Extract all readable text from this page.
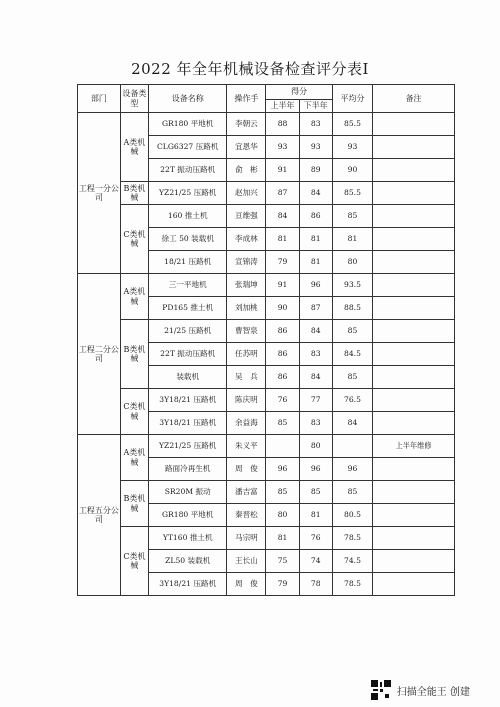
2022 年全年机械设备检查评分表Ⅰ
部门	设备类型	设备名称	操作手	得分		平均分	备注
				上半年	下半年		
工程一分公司	A类机械	GR180 平地机	李朝云	88	83	85.5	
		CLG6327 压路机	宜恩华	93	93	93	
		22T 振动压路机	俞　彬	91	89	90	
	B类机械	YZ21/25 压路机	赵加兴	87	84	85.5	
	C类机械	160 推土机	亘维强	84	86	85	
		徐工 50 装载机	李成林	81	81	81	
		18/21 压路机	宣锦涛	79	81	80	
工程二分公司	A类机械	三一平地机	张瑞坤	91	96	93.5	
		PD165 推土机	刘加桃	90	87	88.5	
	B类机械	21/25 压路机	曹智泉	86	84	85	
		22T 振动压路机	任苏明	86	83	84.5	
		装载机	吴　兵	86	84	85	
	C类机械	3Y18/21 压路机	陈庆明	76	77	76.5	
		3Y18/21 压路机	余益海	85	83	84	
工程五分公司	A类机械	YZ21/25 压路机	朱义平		80		上半年维修
		路面冷再生机	周　俊	96	96	96	
	B类机械	SR20M 振动	潘吉富	85	85	85	
		GR180 平地机	秦晋松	80	81	80.5	
	C类机械	YT160 推土机	马宗明	81	76	78.5	
		ZL50 装载机	王长山	75	74	74.5	
		3Y18/21 压路机	周　俊	79	78	78.5	
扫描全能王 创建
